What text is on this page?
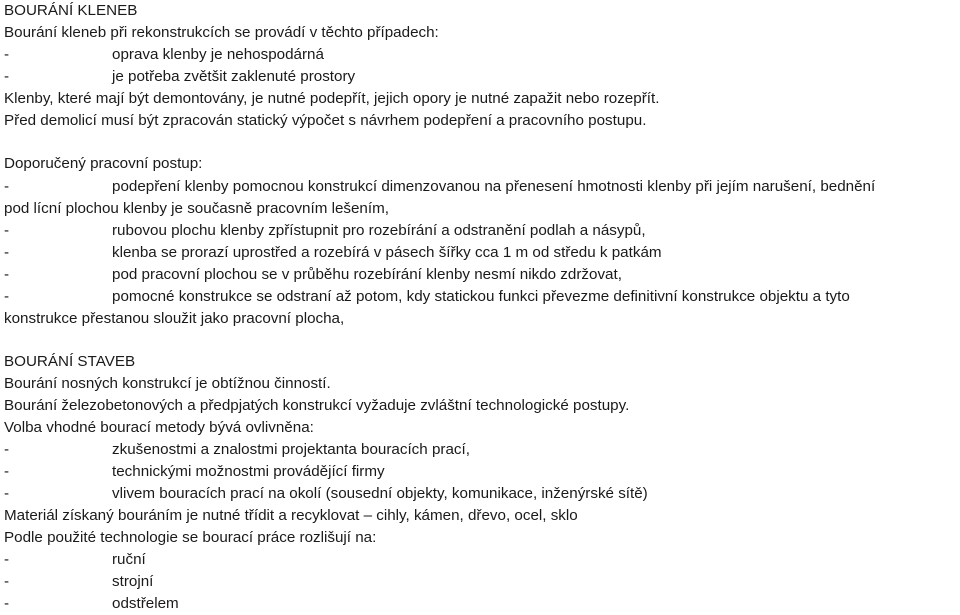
BOURÁNÍ KLENEB
Bourání kleneb při rekonstrukcích se provádí v těchto případech:
-	oprava klenby je nehospodárná
-	je potřeba zvětšit zaklenuté prostory
Klenby, které mají být demontovány, je nutné podepřít, jejich opory je nutné zapažit nebo rozepřít.
Před demolicí musí být zpracován statický výpočet s návrhem podepření a pracovního postupu.
Doporučený pracovní postup:
-	podepření klenby pomocnou konstrukcí dimenzovanou na přenesení hmotnosti klenby při jejím narušení, bednění
pod lícní plochou klenby je současně pracovním lešením,
-	rubovou plochu klenby zpřístupnit pro rozebírání a odstranění podlah a násypů,
-	klenba se prorazí uprostřed a rozebírá v pásech šířky cca 1 m od středu k patkám
-	pod pracovní plochou se v průběhu rozebírání klenby nesmí nikdo zdržovat,
-	pomocné konstrukce se odstraní až potom, kdy statickou funkci převezme definitivní konstrukce objektu a tyto
konstrukce přestanou sloužit jako pracovní plocha,
BOURÁNÍ STAVEB
Bourání nosných konstrukcí je obtížnou činností.
Bourání železobetonových a předpjatých konstrukcí vyžaduje zvláštní technologické postupy.
Volba vhodné bourací metody bývá ovlivněna:
-	zkušenostmi a znalostmi projektanta bouracích prací,
-	technickými možnostmi provádějící firmy
-	vlivem bouracích prací na okolí (sousední objekty, komunikace, inženýrské sítě)
Materiál získaný bouráním je nutné třídit a recyklovat – cihly, kámen, dřevo, ocel, sklo
Podle použité technologie se bourací práce rozlišují na:
-	ruční
-	strojní
-	odstřelem
